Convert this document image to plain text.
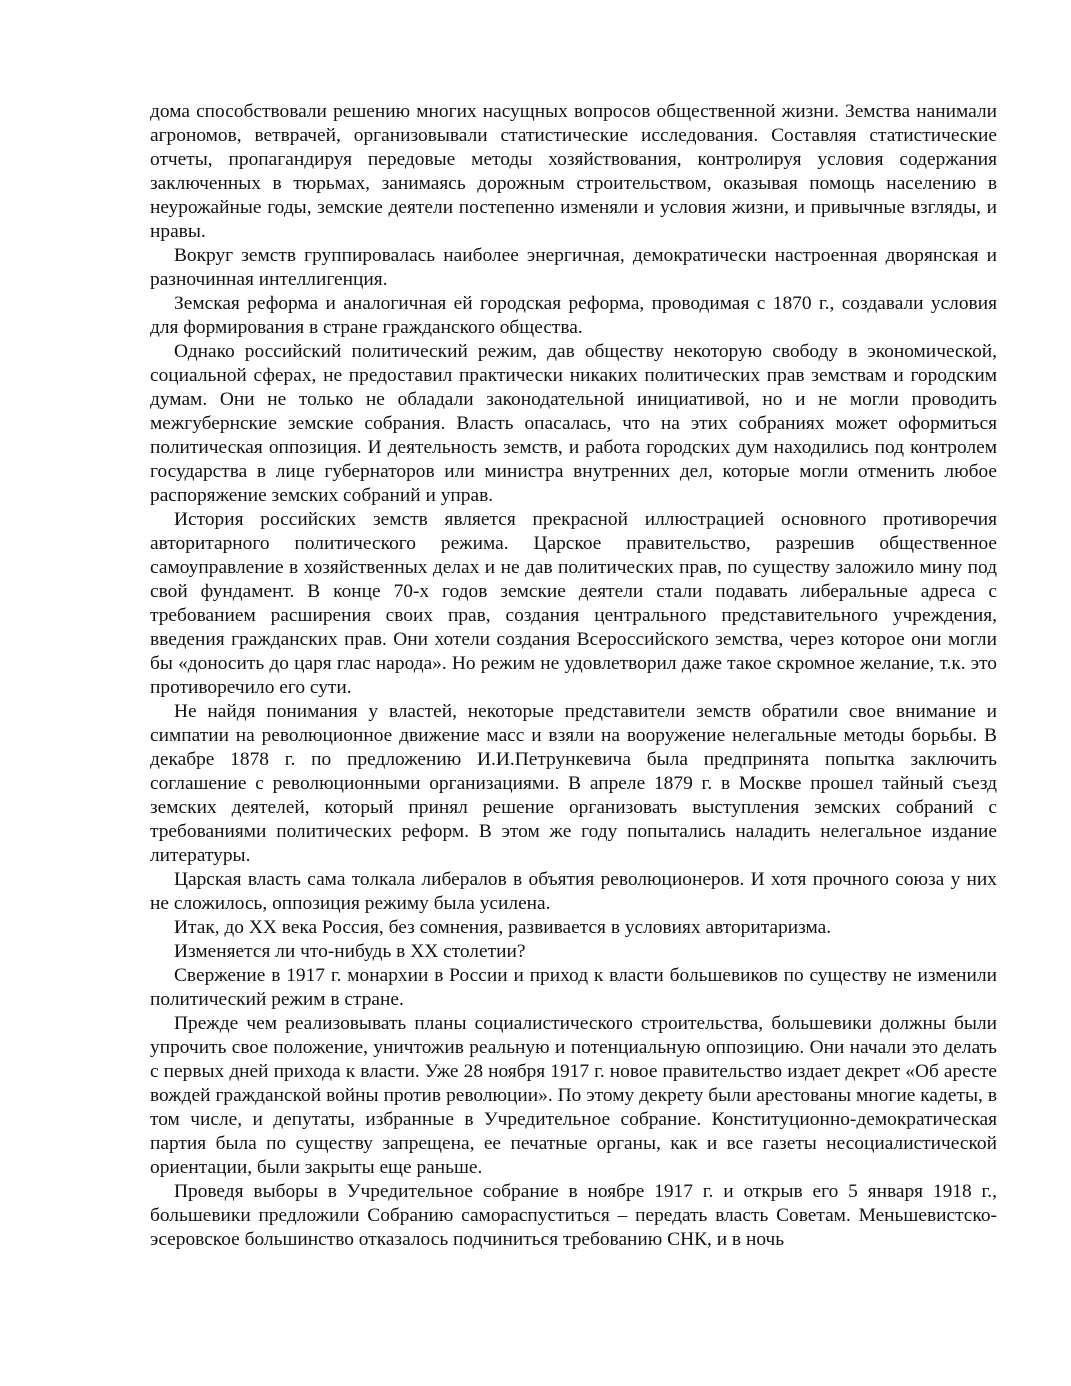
дома способствовали решению многих насущных вопросов общественной жизни. Земства нанимали агрономов, ветврачей, организовывали статистические исследования. Составляя статистические отчеты, пропагандируя передовые методы хозяйствования, контролируя условия содержания заключенных в тюрьмах, занимаясь дорожным строительством, оказывая помощь населению в неурожайные годы, земские деятели постепенно изменяли и условия жизни, и привычные взгляды, и нравы.

Вокруг земств группировалась наиболее энергичная, демократически настроенная дворянская и разночинная интеллигенция.

Земская реформа и аналогичная ей городская реформа, проводимая с 1870 г., создавали условия для формирования в стране гражданского общества.

Однако российский политический режим, дав обществу некоторую свободу в экономической, социальной сферах, не предоставил практически никаких политических прав земствам и городским думам. Они не только не обладали законодательной инициативой, но и не могли проводить межгубернские земские собрания. Власть опасалась, что на этих собраниях может оформиться политическая оппозиция. И деятельность земств, и работа городских дум находились под контролем государства в лице губернаторов или министра внутренних дел, которые могли отменить любое распоряжение земских собраний и управ.

История российских земств является прекрасной иллюстрацией основного противоречия авторитарного политического режима. Царское правительство, разрешив общественное самоуправление в хозяйственных делах и не дав политических прав, по существу заложило мину под свой фундамент. В конце 70-х годов земские деятели стали подавать либеральные адреса с требованием расширения своих прав, создания центрального представительного учреждения, введения гражданских прав. Они хотели создания Всероссийского земства, через которое они могли бы «доносить до царя глас народа». Но режим не удовлетворил даже такое скромное желание, т.к. это противоречило его сути.

Не найдя понимания у властей, некоторые представители земств обратили свое внимание и симпатии на революционное движение масс и взяли на вооружение нелегальные методы борьбы. В декабре 1878 г. по предложению И.И.Петрункевича была предпринята попытка заключить соглашение с революционными организациями. В апреле 1879 г. в Москве прошел тайный съезд земских деятелей, который принял решение организовать выступления земских собраний с требованиями политических реформ. В этом же году попытались наладить нелегальное издание литературы.

Царская власть сама толкала либералов в объятия революционеров. И хотя прочного союза у них не сложилось, оппозиция режиму была усилена.

Итак, до XX века Россия, без сомнения, развивается в условиях авторитаризма.

Изменяется ли что-нибудь в XX столетии?

Свержение в 1917 г. монархии в России и приход к власти большевиков по существу не изменили политический режим в стране.

Прежде чем реализовывать планы социалистического строительства, большевики должны были упрочить свое положение, уничтожив реальную и потенциальную оппозицию. Они начали это делать с первых дней прихода к власти. Уже 28 ноября 1917 г. новое правительство издает декрет «Об аресте вождей гражданской войны против революции». По этому декрету были арестованы многие кадеты, в том числе, и депутаты, избранные в Учредительное собрание. Конституционно-демократическая партия была по существу запрещена, ее печатные органы, как и все газеты несоциалистической ориентации, были закрыты еще раньше.

Проведя выборы в Учредительное собрание в ноябре 1917 г. и открыв его 5 января 1918 г., большевики предложили Собранию самораспуститься – передать власть Советам. Меньшевистско-эсеровское большинство отказалось подчиниться требованию СНК, и в ночь
